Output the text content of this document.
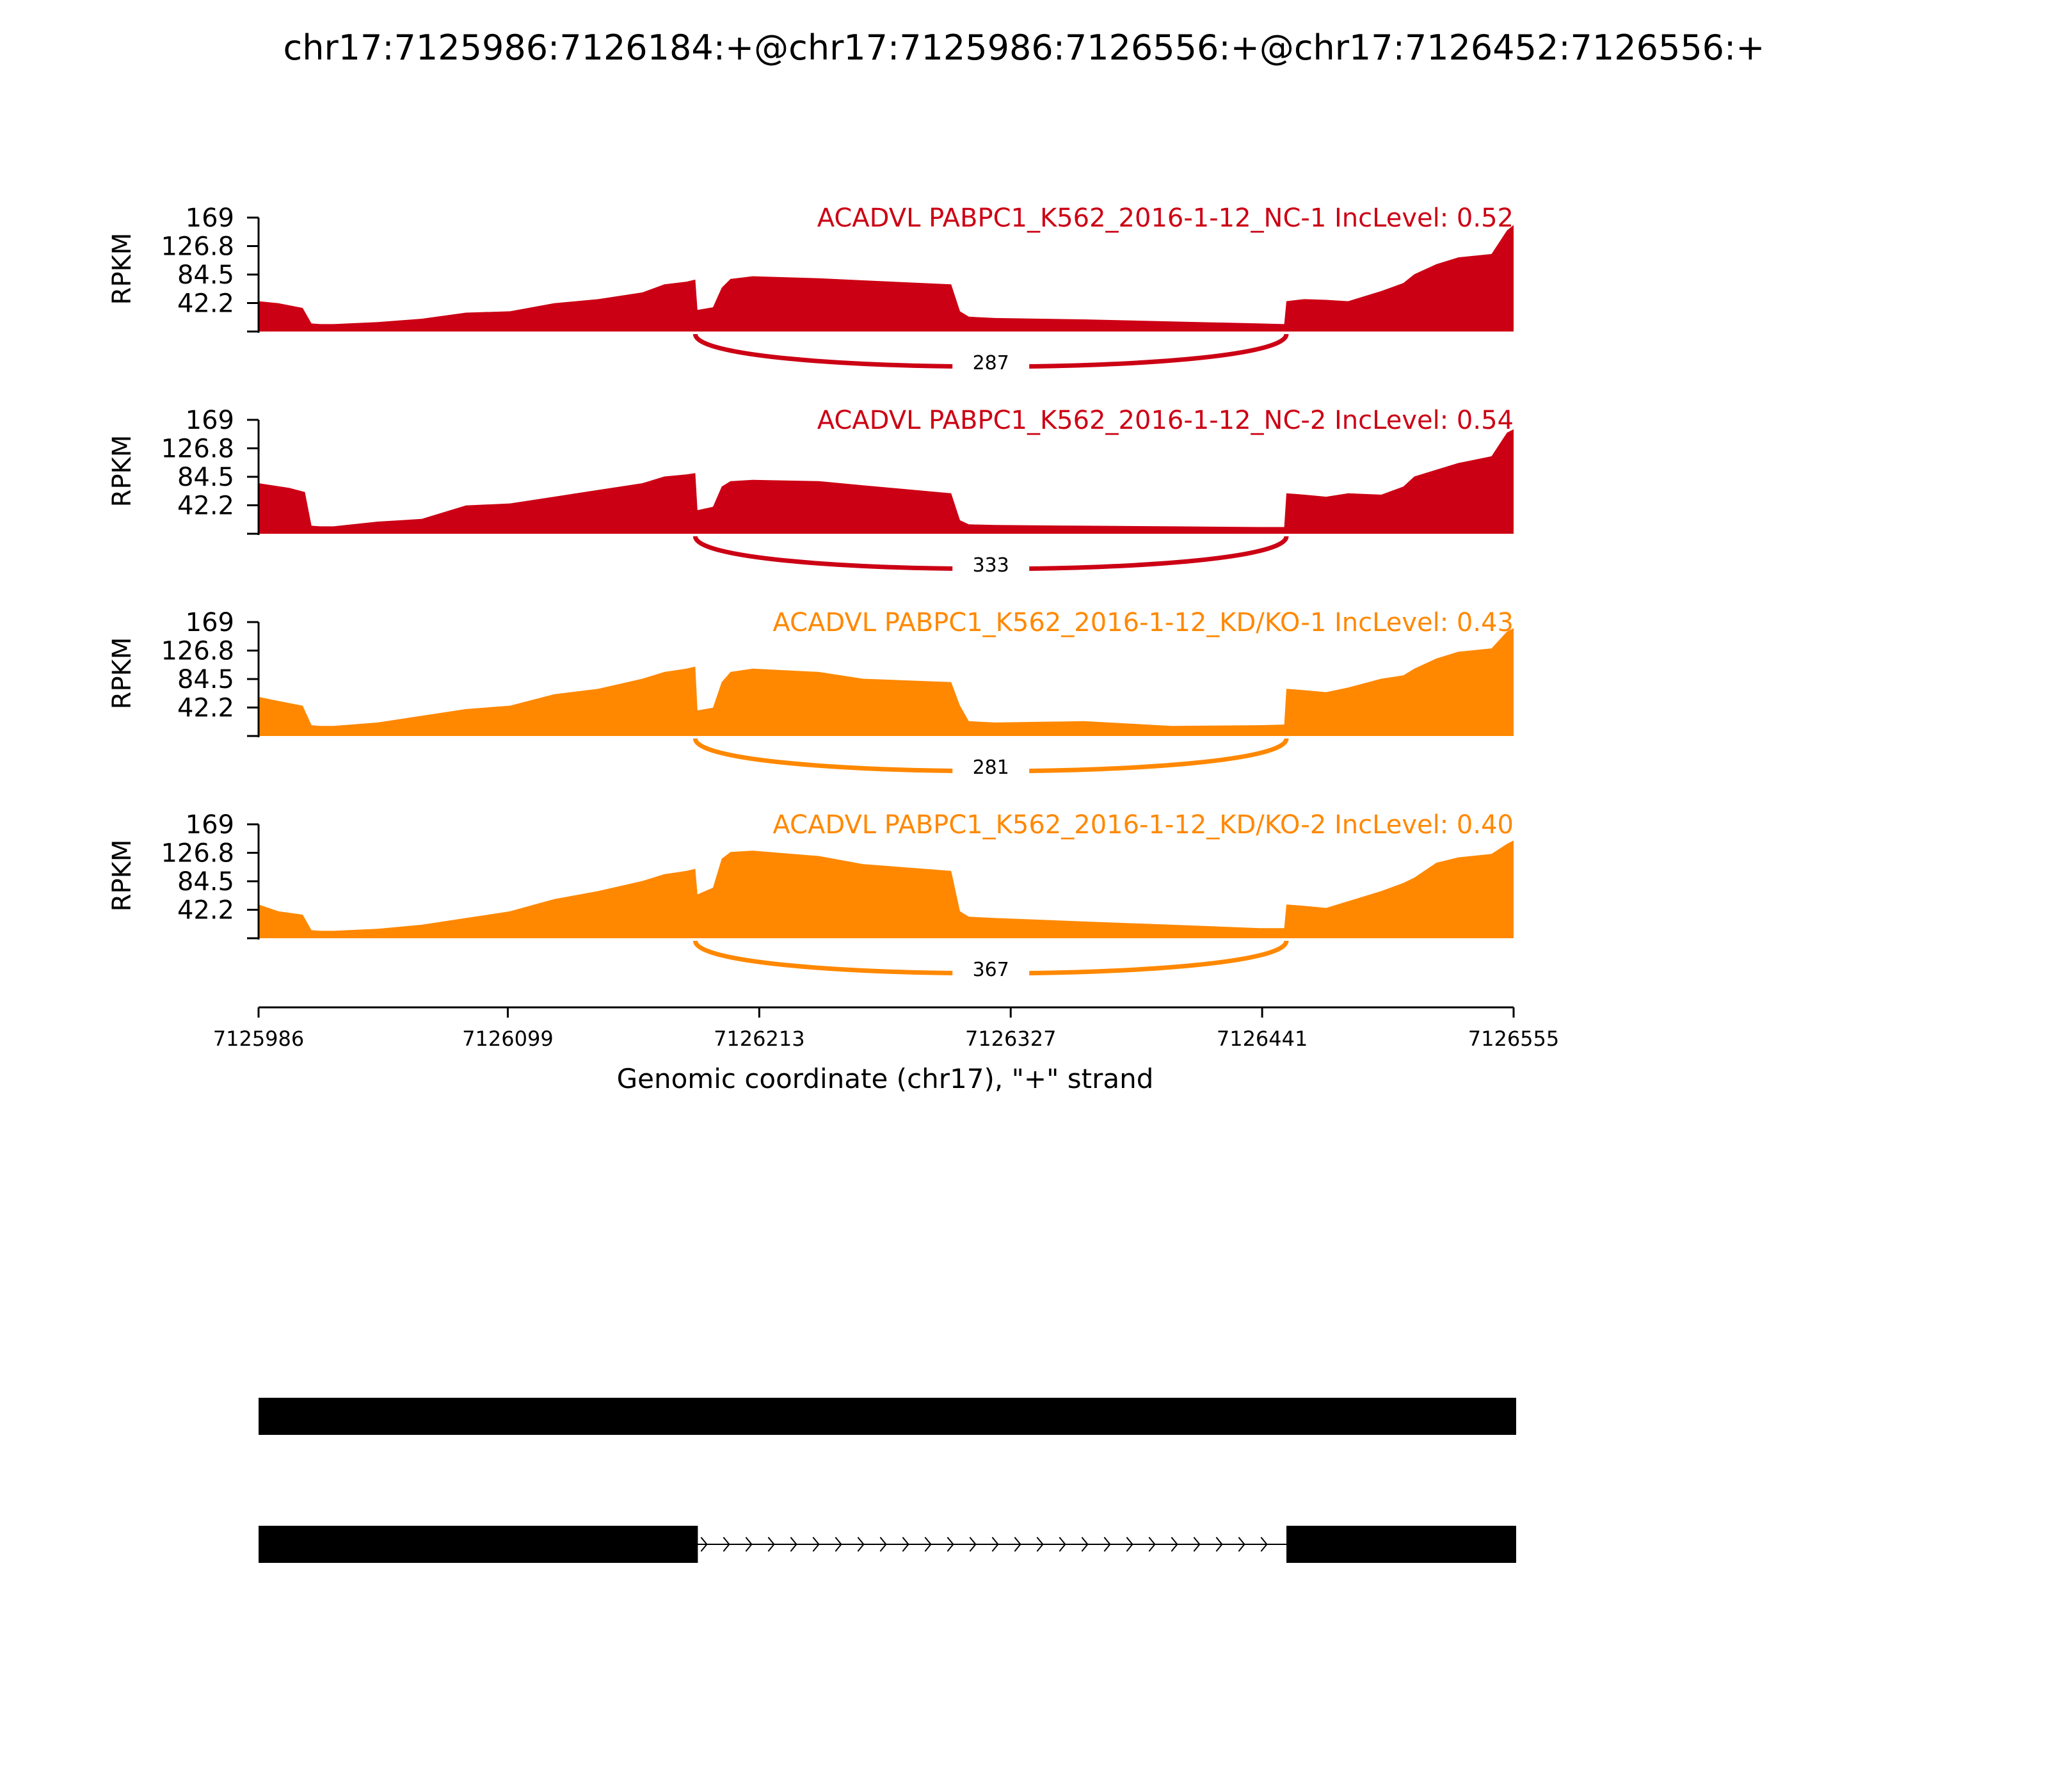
chr17:7125986:7126184:+@chr17:7125986:7126556:+@chr17:7126452:7126556:+
42.2
84.5
126.8
169
RPKM
ACADVL PABPC1_K562_2016-1-12_NC-1 IncLevel: 0.52
287
42.2
84.5
126.8
169
RPKM
ACADVL PABPC1_K562_2016-1-12_NC-2 IncLevel: 0.54
333
42.2
84.5
126.8
169
RPKM
ACADVL PABPC1_K562_2016-1-12_KD/KO-1 IncLevel: 0.43
281
42.2
84.5
126.8
169
RPKM
ACADVL PABPC1_K562_2016-1-12_KD/KO-2 IncLevel: 0.40
367
7125986	7126099	7126213	7126327	7126441	7126555
Genomic coordinate (chr17), "+" strand
